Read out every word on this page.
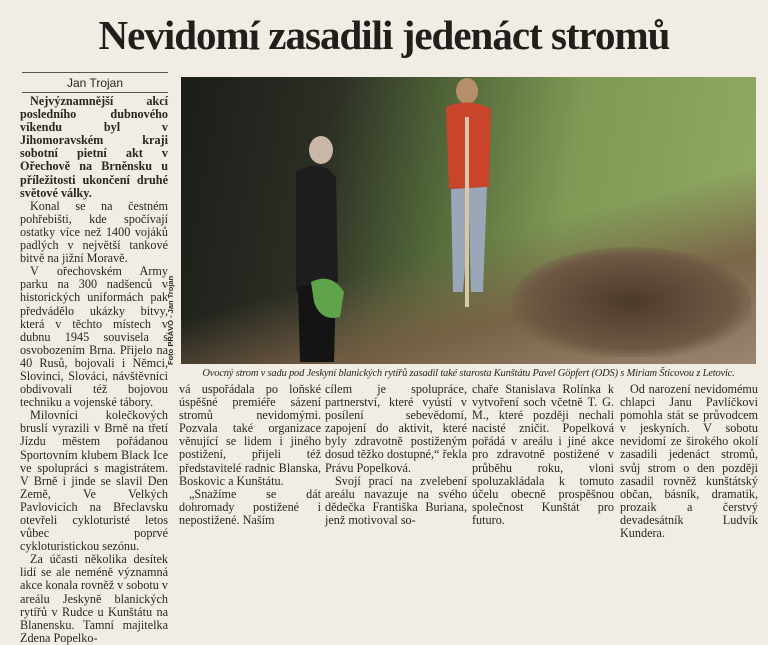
Nevidomí zasadili jedenáct stromů
Jan Trojan

Nejvýznamnější akcí posledního dubnového víkendu byl v Jihomoravském kraji sobotní pietní akt v Ořechově na Brněnsku u příležitosti ukončení druhé světové války.

Konal se na čestném pohřebišti, kde spočívají ostatky více než 1400 vojáků padlých v největší tankové bitvě na jižní Moravě.

V ořechovském Army parku na 300 nadšenců v historických uniformách pak předvádělo ukázky bitvy, která v těchto místech v dubnu 1945 souvisela s osvobozením Brna. Přijelo na 40 Rusů, bojovali i Němci, Slovinci, Slováci, návštěvníci obdivovali též bojovou techniku a vojenské tábory.

Milovníci kolečkových bruslí vyrazili v Brně na třetí Jízdu městem pořádanou Sportovním klubem Black Ice ve spolupráci s magistrátem. V Brně i jinde se slavil Den Země, Ve Velkých Pavlovicích na Břeclavsku otevřeli cykloturisté letos vůbec poprvé cykloturistickou sezónu.

Za účasti několika desítek lidí se ale neméně významná akce konala rovněž v sobotu v areálu Jeskyně blanických rytířů v Rudce u Kunštátu na Blanensku. Tamní majitelka Zdena Popelko-

Foto PRÁVO - Jan Trojan
Ovocný strom v sadu pod Jeskyní blanických rytířů zasadil také starosta Kunštátu Pavel Göpfert (ODS) s Miriam Šticovou z Letovic.

vá uspořádala po loňské úspěšné premiéře sázení stromů nevidomými. Pozvala také organizace věnující se lidem i jiného postižení, přijeli též představitelé radnic Blanska, Boskovic a Kunštátu.

„Snažíme se dát dohromady postižené i nepostižené. Naším

cílem je spolupráce, partnerství, které vyústí v posílení sebevědomí, zapojení do aktivit, které byly zdravotně postiženým dosud těžko dostupné,“ řekla Právu Popelková.

Svojí prací na zvelebení areálu navazuje na svého dědečka Františka Buriana, jenž motivoval so-

chaře Stanislava Rolínka k vytvoření soch včetně T. G. M., které později nechali nacisté zničit. Popelková pořádá v areálu i jiné akce pro zdravotně postižené v průběhu roku, vloni spoluzakládala k tomuto účelu obecně prospěšnou společnost Kunštát pro futuro.

Od narození nevidomému chlapci Janu Pavlíčkovi pomohla stát se průvodcem v jeskyních. V sobotu nevidomí ze širokého okolí zasadili jedenáct stromů, svůj strom o den později zasadil rovněž kunštátský občan, básník, dramatik, prozaik a čerstvý devadesátník Ludvík Kundera.
